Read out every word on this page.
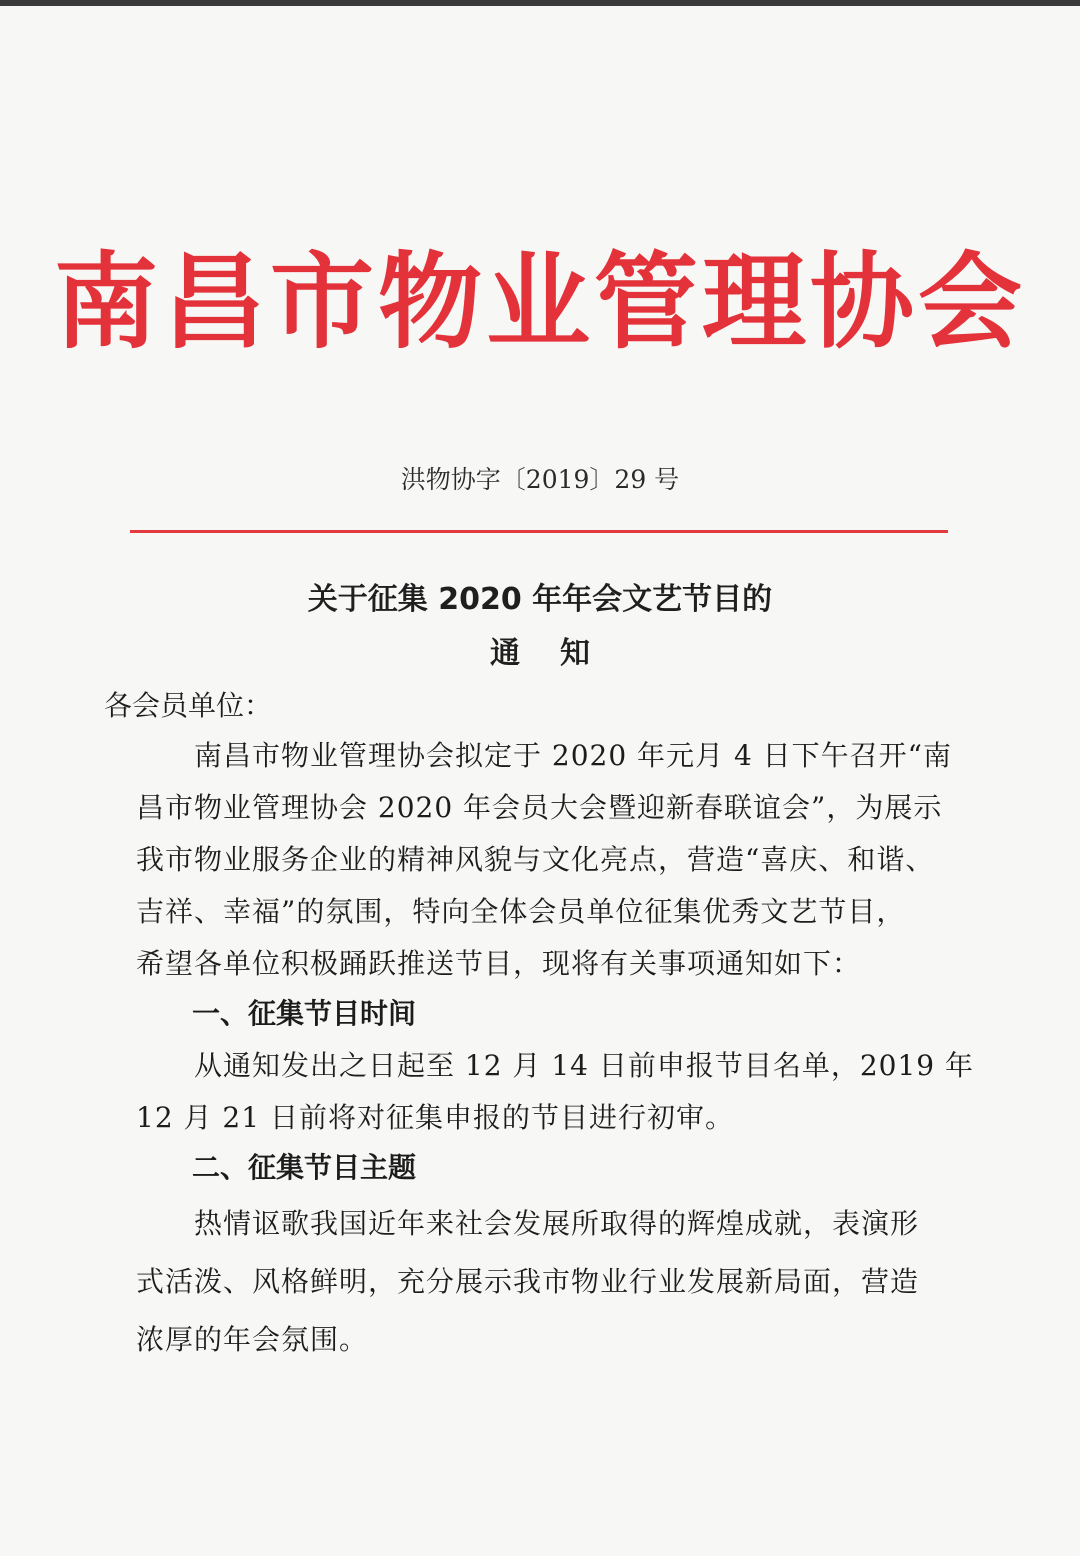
南昌市物业管理协会
洪物协字〔2019〕29 号
关于征集 2020 年年会文艺节目的
通知
各会员单位：
南昌市物业管理协会拟定于 2020 年元月 4 日下午召开“南
昌市物业管理协会 2020 年会员大会暨迎新春联谊会”，为展示
我市物业服务企业的精神风貌与文化亮点，营造“喜庆、和谐、
吉祥、幸福”的氛围，特向全体会员单位征集优秀文艺节目，
希望各单位积极踊跃推送节目，现将有关事项通知如下：
一、征集节目时间
从通知发出之日起至 12 月 14 日前申报节目名单，2019 年
12 月 21 日前将对征集申报的节目进行初审。
二、征集节目主题
热情讴歌我国近年来社会发展所取得的辉煌成就，表演形
式活泼、风格鲜明，充分展示我市物业行业发展新局面，营造
浓厚的年会氛围。
